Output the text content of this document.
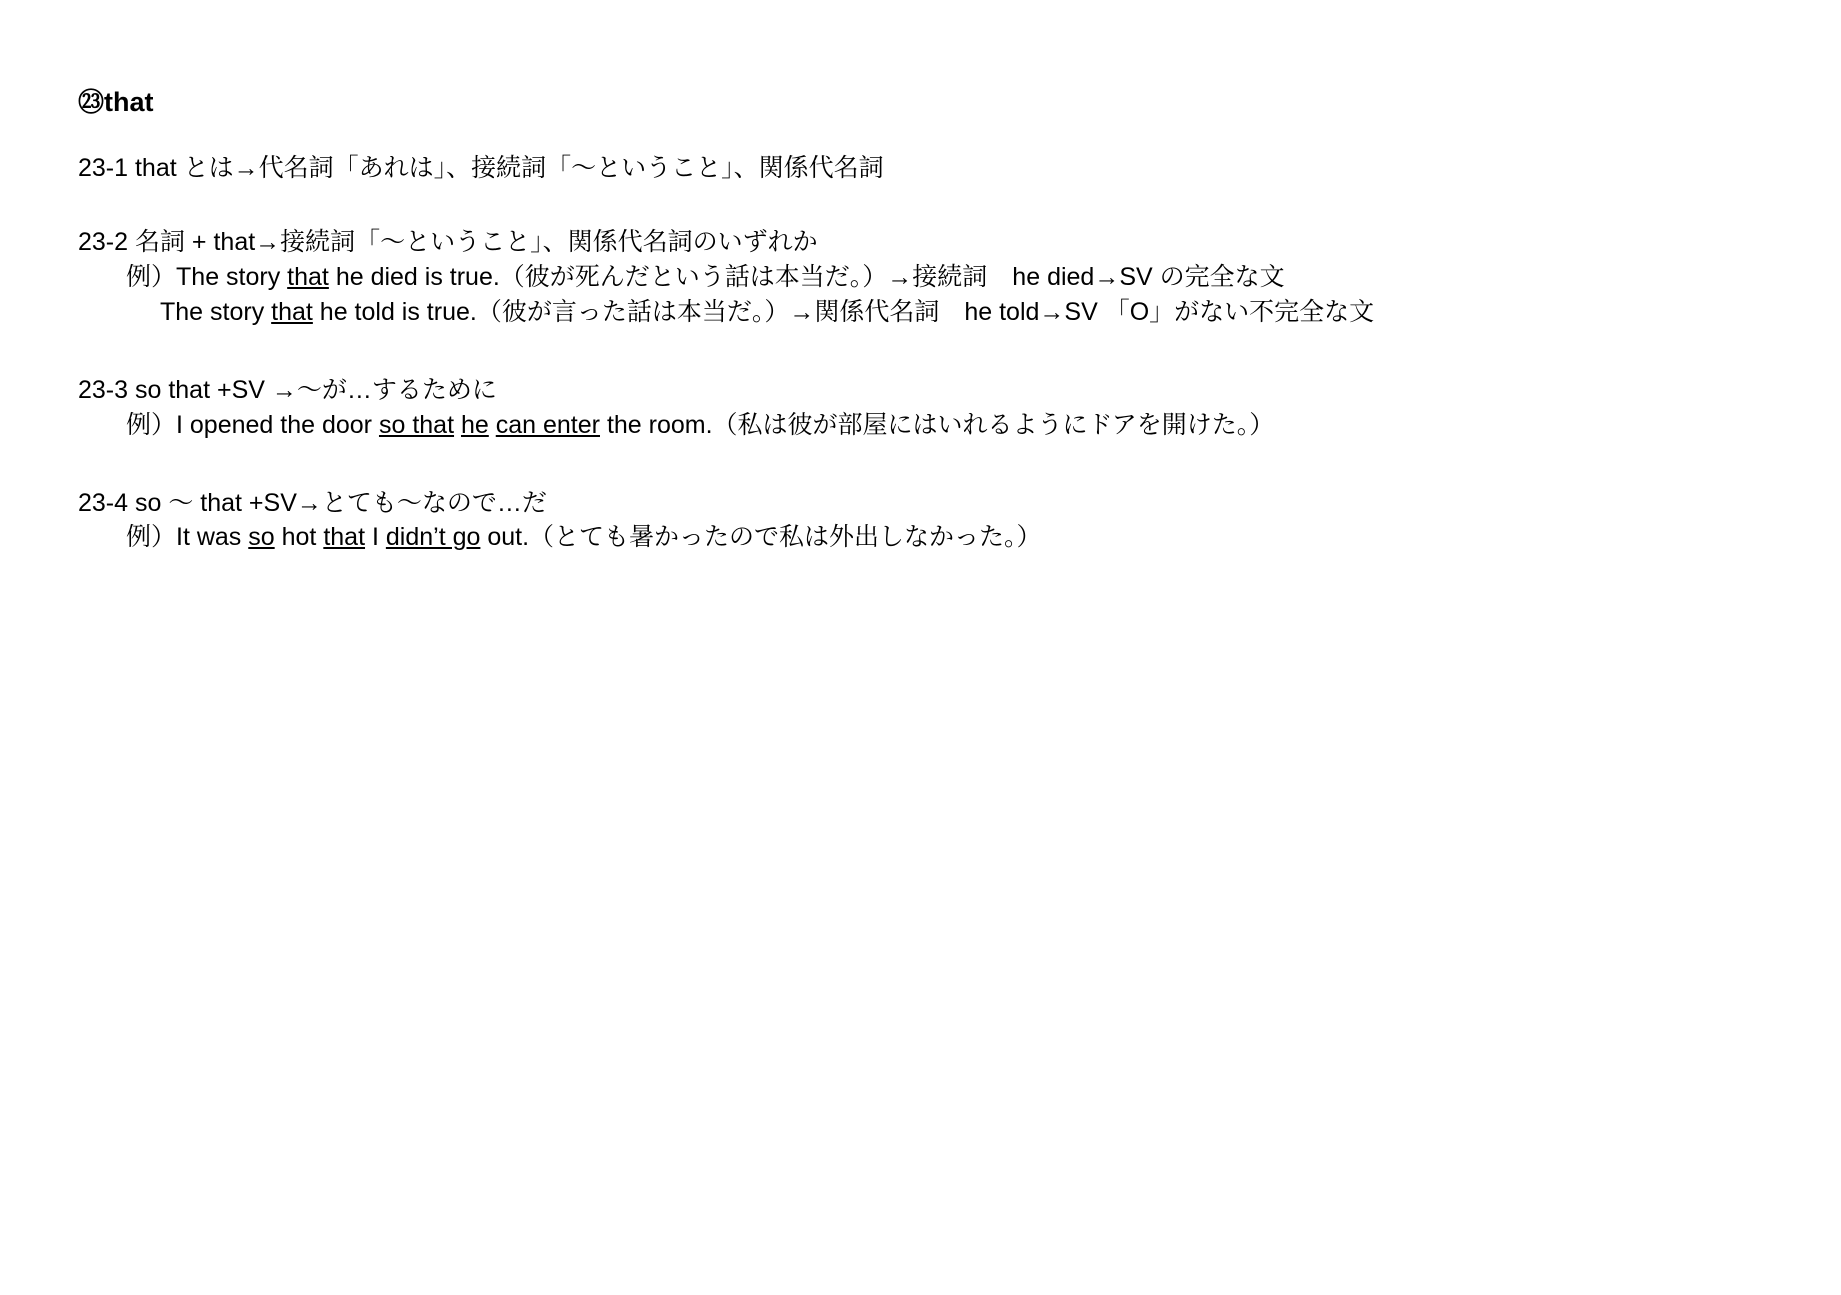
㉓that

23-1 that とは→代名詞「あれは」、接続詞「～ということ」、関係代名詞

23-2 名詞 + that→接続詞「～ということ」、関係代名詞のいずれか

例）The story that he died is true.（彼が死んだという話は本当だ。）→接続詞　he died→SV の完全な文

The story that he told is true.（彼が言った話は本当だ。）→関係代名詞　he told→SV 「O」がない不完全な文

23-3 so that +SV →～が…するために

例）I opened the door so that he can enter the room.（私は彼が部屋にはいれるようにドアを開けた。）

23-4 so ～ that +SV→とても～なので…だ

例）It was so hot that I didn’t go out.（とても暑かったので私は外出しなかった。）
